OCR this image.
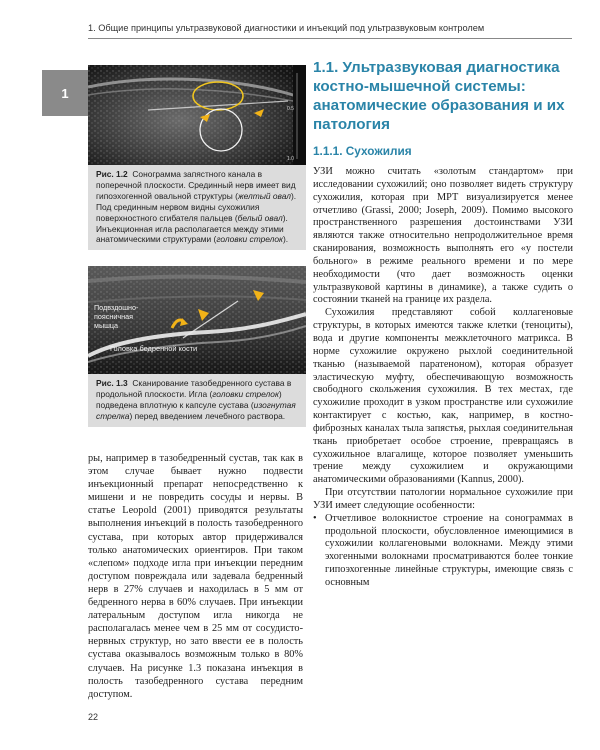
1. Общие принципы ультразвуковой диагностики и инъекций под ультразвуковым контролем
1
0.5
1.0
Рис. 1.2 Сонограмма запястного канала в поперечной плоскости. Срединный нерв имеет вид гипоэхогенной овальной структуры (желтый овал). Под срединным нервом видны сухожилия поверхностного сгибателя пальцев (белый овал). Инъекционная игла располагается между этими анатомическими структурами (головки стрелок).
Подвздошно- поясничная мышца
Головка бедренной кости
Рис. 1.3 Сканирование тазобедренного сустава в продольной плоскости. Игла (головки стрелок) подведена вплотную к капсуле сустава (изогнутая стрелка) перед введением лечебного раствора.
ры, например в тазобедренный сустав, так как в этом случае бывает нужно подвести инъекционный препарат непосредственно к мишени и не повредить сосуды и нервы. В статье Leopold (2001) приводятся результаты выполнения инъекций в полость тазобедренного сустава, при которых автор придерживался только анатомических ориентиров. При таком «слепом» подходе игла при инъекции передним доступом повреждала или задевала бедренный нерв в 27% случаев и находилась в 5 мм от бедренного нерва в 60% случаев. При инъекции латеральным доступом игла никогда не располагалась менее чем в 25 мм от сосудисто-нервных структур, но зато ввести ее в полость сустава оказывалось возможным только в 80% случаев. На рисунке 1.3 показана инъекция в полость тазобедренного сустава передним доступом.
1.1. Ультразвуковая диагностика костно-мышечной системы: анатомические образования и их патология
1.1.1. Сухожилия

УЗИ можно считать «золотым стандартом» при исследовании сухожилий; оно позволяет видеть структуру сухожилия, которая при МРТ визуализируется менее отчетливо (Grassi, 2000; Joseph, 2009). Помимо высокого пространственного разрешения достоинствами УЗИ являются также относительно непродолжительное время сканирования, возможность выполнять его «у постели больного» в режиме реального времени и по мере необходимости (что дает возможность оценки ультразвуковой картины в динамике), а также судить о состоянии тканей на границе их раздела.

Сухожилия представляют собой коллагеновые структуры, в которых имеются также клетки (теноциты), вода и другие компоненты межклеточного матрикса. В норме сухожилие окружено рыхлой соединительной тканью (называемой паратеноном), которая образует эластическую муфту, обеспечивающую возможность свободного скольжения сухожилия. В тех местах, где сухожилие проходит в узком пространстве или сухожилие контактирует с костью, как, например, в костно-фиброзных каналах тыла запястья, рыхлая соединительная ткань приобретает особое строение, превращаясь в сухожильное влагалище, которое позволяет уменьшить трение между сухожилием и окружающими анатомическими образованиями (Kannus, 2000).

При отсутствии патологии нормальное сухожилие при УЗИ имеет следующие особенности:

• Отчетливое волокнистое строение на сонограммах в продольной плоскости, обусловленное имеющимися в сухожилии коллагеновыми волокнами. Между этими эхогенными волокнами просматриваются более тонкие гипоэхогенные линейные структуры, имеющие связь с основным

22
